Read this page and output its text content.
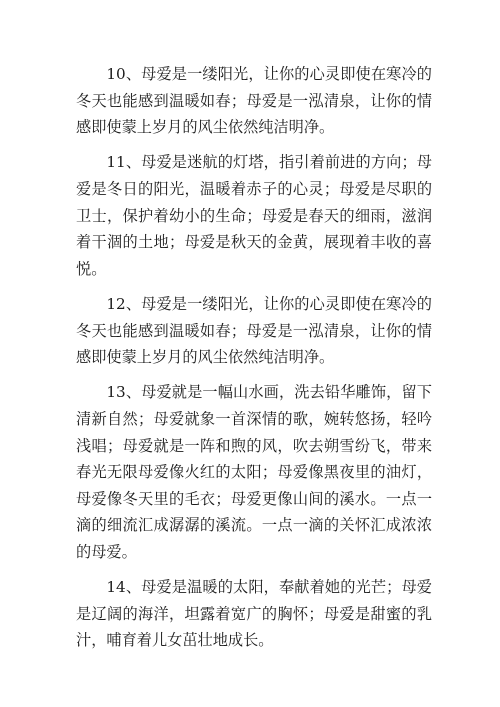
10、母爱是一缕阳光，让你的心灵即使在寒冷的冬天也能感到温暖如春；母爱是一泓清泉，让你的情感即使蒙上岁月的风尘依然纯洁明净。

11、母爱是迷航的灯塔，指引着前进的方向；母爱是冬日的阳光，温暖着赤子的心灵；母爱是尽职的卫士，保护着幼小的生命；母爱是春天的细雨，滋润着干涸的土地；母爱是秋天的金黄，展现着丰收的喜悦。

12、母爱是一缕阳光，让你的心灵即使在寒冷的冬天也能感到温暖如春；母爱是一泓清泉，让你的情感即使蒙上岁月的风尘依然纯洁明净。

13、母爱就是一幅山水画，洗去铅华雕饰，留下清新自然；母爱就象一首深情的歌，婉转悠扬，轻吟浅唱；母爱就是一阵和煦的风，吹去朔雪纷飞，带来春光无限母爱像火红的太阳；母爱像黑夜里的油灯，母爱像冬天里的毛衣；母爱更像山间的溪水。一点一滴的细流汇成潺潺的溪流。一点一滴的关怀汇成浓浓的母爱。

14、母爱是温暖的太阳，奉献着她的光芒；母爱是辽阔的海洋，坦露着宽广的胸怀；母爱是甜蜜的乳汁，哺育着儿女茁壮地成长。
